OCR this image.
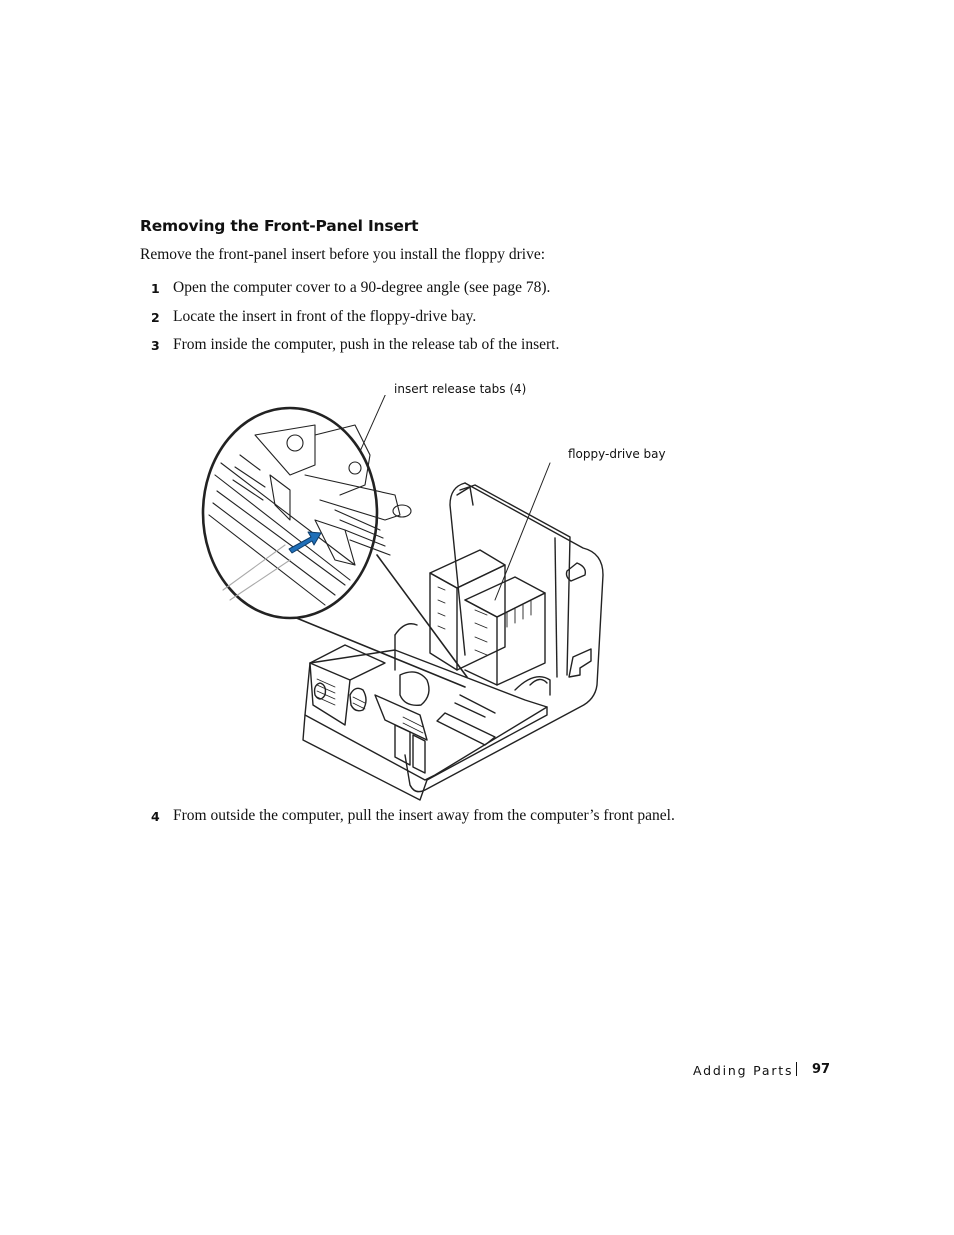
Removing the Front-Panel Insert
Remove the front-panel insert before you install the floppy drive:
1 Open the computer cover to a 90-degree angle (see page 78).
2 Locate the insert in front of the floppy-drive bay.
3 From inside the computer, push in the release tab of the insert.
insert release tabs (4)
floppy-drive bay
4 From outside the computer, pull the insert away from the computer’s front panel.
Adding Parts 97
